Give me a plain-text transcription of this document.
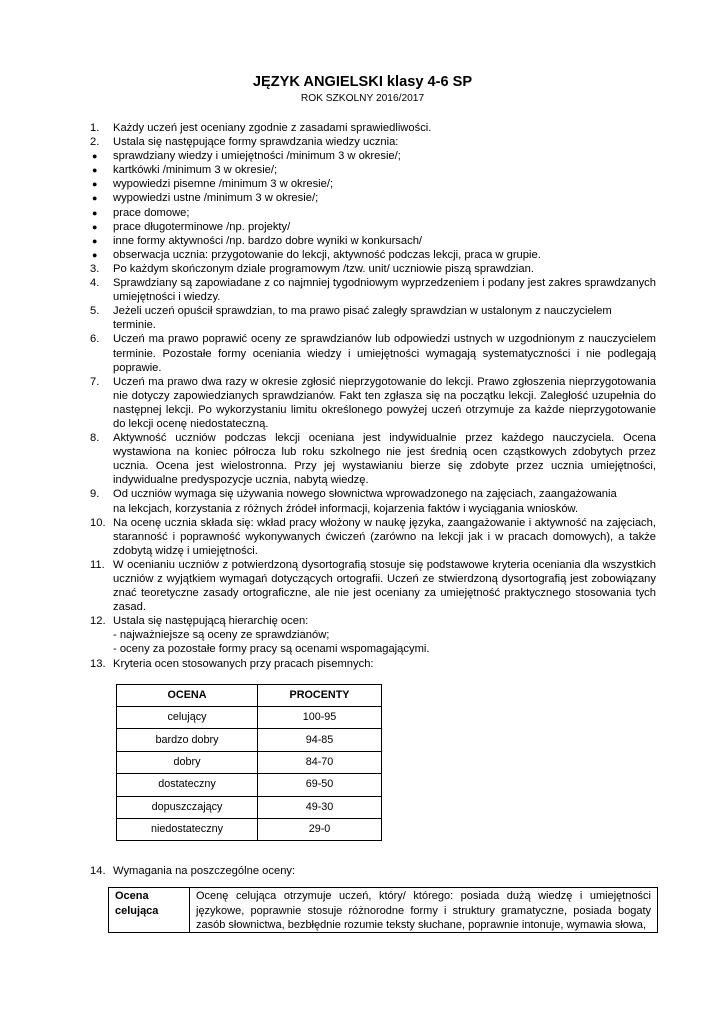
JĘZYK ANGIELSKI klasy 4-6 SP
ROK SZKOLNY 2016/2017
1. Każdy uczeń jest oceniany zgodnie z zasadami sprawiedliwości.
2. Ustala się następujące formy sprawdzania wiedzy ucznia:
● sprawdziany wiedzy i umiejętności /minimum 3 w okresie/;
● kartkówki /minimum 3 w okresie/;
● wypowiedzi pisemne /minimum 3 w okresie/;
● wypowiedzi ustne /minimum 3 w okresie/;
● prace domowe;
● prace długoterminowe /np. projekty/
● inne formy aktywności /np. bardzo dobre wyniki w konkursach/
● obserwacja ucznia: przygotowanie do lekcji, aktywność podczas lekcji, praca w grupie.
3. Po każdym skończonym dziale programowym /tzw. unit/ uczniowie piszą sprawdzian.
4. Sprawdziany są zapowiadane z co najmniej tygodniowym wyprzedzeniem i podany jest zakres sprawdzanych umiejętności i wiedzy.
5. Jeżeli uczeń opuścił sprawdzian, to ma prawo pisać zaległy sprawdzian w ustalonym z nauczycielem terminie.
6. Uczeń ma prawo poprawić oceny ze sprawdzianów lub odpowiedzi ustnych w uzgodnionym z nauczycielem terminie. Pozostałe formy oceniania wiedzy i umiejętności wymagają systematyczności i nie podlegają poprawie.
7. Uczeń ma prawo dwa razy w okresie zgłosić nieprzygotowanie do lekcji. Prawo zgłoszenia nieprzygotowania nie dotyczy zapowiedzianych sprawdzianów. Fakt ten zgłasza się na początku lekcji. Zaległość uzupełnia do następnej lekcji. Po wykorzystaniu limitu określonego powyżej uczeń otrzymuje za każde nieprzygotowanie do lekcji ocenę niedostateczną.
8. Aktywność uczniów podczas lekcji oceniana jest indywidualnie przez każdego nauczyciela. Ocena wystawiona na koniec półrocza lub roku szkolnego nie jest średnią ocen cząstkowych zdobytych przez ucznia. Ocena jest wielostronna. Przy jej wystawianiu bierze się zdobyte przez ucznia umiejętności, indywidualne predyspozycje ucznia, nabytą wiedzę.
9. Od uczniów wymaga się używania nowego słownictwa wprowadzonego na zajęciach, zaangażowania
na lekcjach, korzystania z różnych źródeł informacji, kojarzenia faktów i wyciągania wniosków.
10. Na ocenę ucznia składa się: wkład pracy włożony w naukę języka, zaangażowanie i aktywność na zajęciach, staranność i poprawność wykonywanych ćwiczeń (zarówno na lekcji jak i w pracach domowych), a także zdobytą widzę i umiejętności.
11. W ocenianiu uczniów z potwierdzoną dysortografią stosuje się podstawowe kryteria oceniania dla wszystkich uczniów z wyjątkiem wymagań dotyczących ortografii. Uczeń ze stwierdzoną dysortografią jest zobowiązany znać teoretyczne zasady ortograficzne, ale nie jest oceniany za umiejętność praktycznego stosowania tych zasad.
12. Ustala się następującą hierarchię ocen:
- najważniejsze są oceny ze sprawdzianów;
- oceny za pozostałe formy pracy są ocenami wspomagającymi.
13. Kryteria ocen stosowanych przy pracach pisemnych:
OCENA	PROCENTY
celujący	100-95
bardzo dobry	94-85
dobry	84-70
dostateczny	69-50
dopuszczający	49-30
niedostateczny	29-0
14. Wymagania na poszczególne oceny:
Ocena
celująca
	Ocenę celująca otrzymuje uczeń, który/ którego: posiada dużą wiedzę i umiejętności językowe, poprawnie stosuje różnorodne formy i struktury gramatyczne, posiada bogaty zasób słownictwa, bezbłędnie rozumie teksty słuchane, poprawnie intonuje, wymawia słowa,
